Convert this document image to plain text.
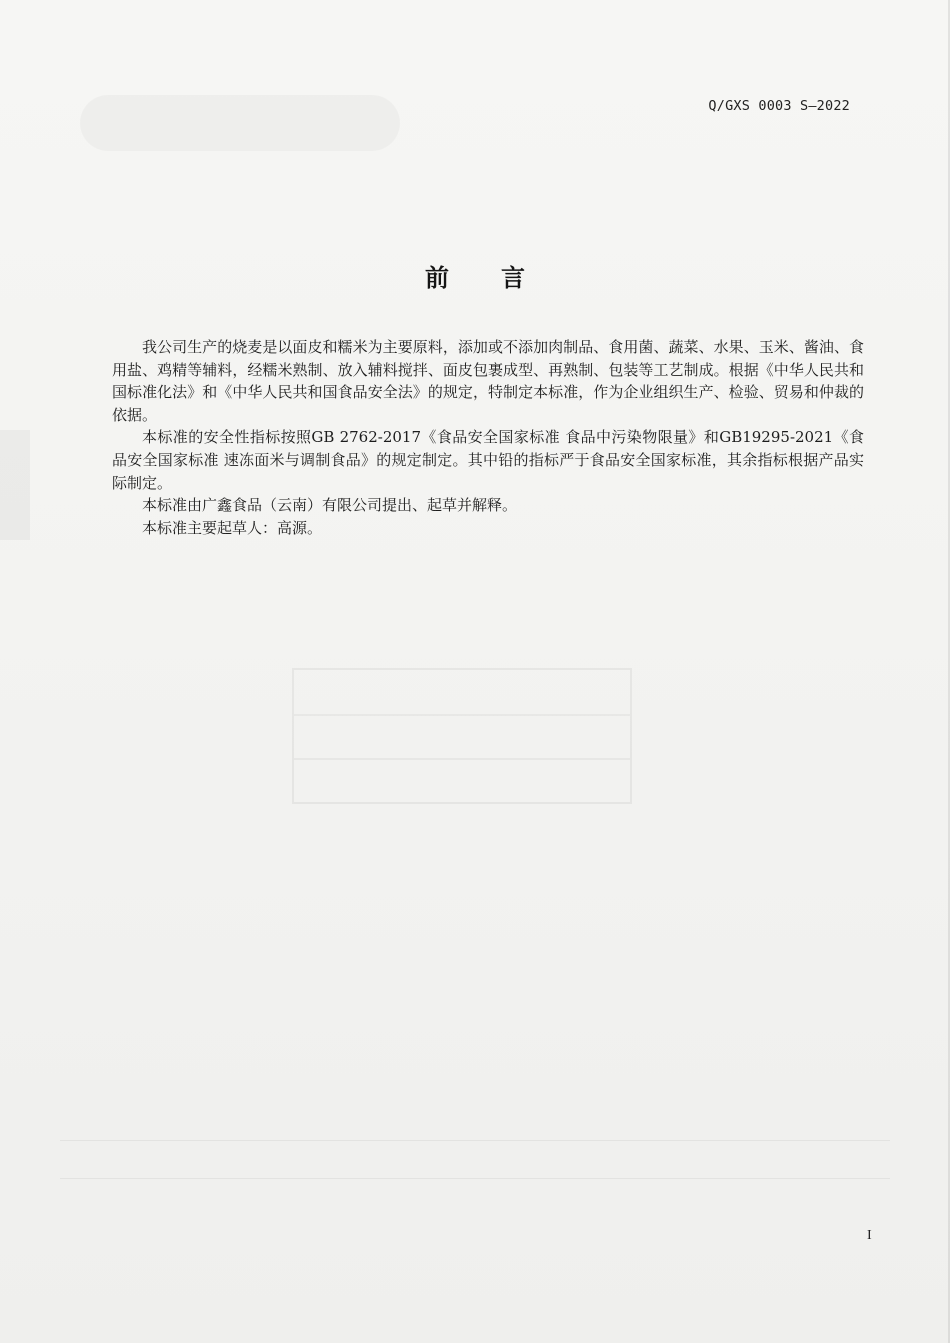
Q/GXS 0003 S—2022
前言

我公司生产的烧麦是以面皮和糯米为主要原料，添加或不添加肉制品、食用菌、蔬菜、水果、玉米、酱油、食用盐、鸡精等辅料，经糯米熟制、放入辅料搅拌、面皮包裹成型、再熟制、包装等工艺制成。根据《中华人民共和国标准化法》和《中华人民共和国食品安全法》的规定，特制定本标准，作为企业组织生产、检验、贸易和仲裁的依据。

本标准的安全性指标按照GB 2762-2017《食品安全国家标准 食品中污染物限量》和GB19295-2021《食品安全国家标准 速冻面米与调制食品》的规定制定。其中铅的指标严于食品安全国家标准，其余指标根据产品实际制定。

本标准由广鑫食品（云南）有限公司提出、起草并解释。

本标准主要起草人：高源。

I
